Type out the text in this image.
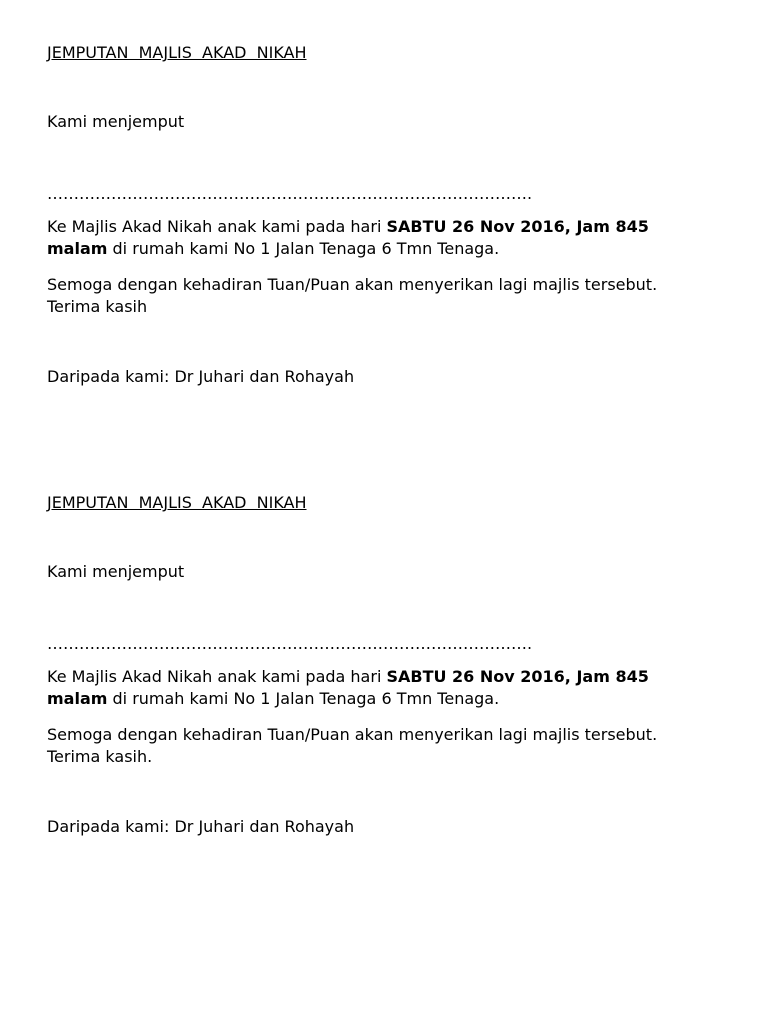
JEMPUTAN  MAJLIS  AKAD  NIKAH

Kami menjemput

……………………………………………………………………………….

Ke Majlis Akad Nikah anak kami pada hari SABTU 26 Nov 2016, Jam 845 malam di rumah kami No 1 Jalan Tenaga 6 Tmn Tenaga.

Semoga dengan kehadiran Tuan/Puan akan menyerikan lagi majlis tersebut. Terima kasih

Daripada kami: Dr Juhari dan Rohayah

JEMPUTAN  MAJLIS  AKAD  NIKAH

Kami menjemput

……………………………………………………………………………….

Ke Majlis Akad Nikah anak kami pada hari SABTU 26 Nov 2016, Jam 845 malam di rumah kami No 1 Jalan Tenaga 6 Tmn Tenaga.

Semoga dengan kehadiran Tuan/Puan akan menyerikan lagi majlis tersebut. Terima kasih.

Daripada kami: Dr Juhari dan Rohayah
